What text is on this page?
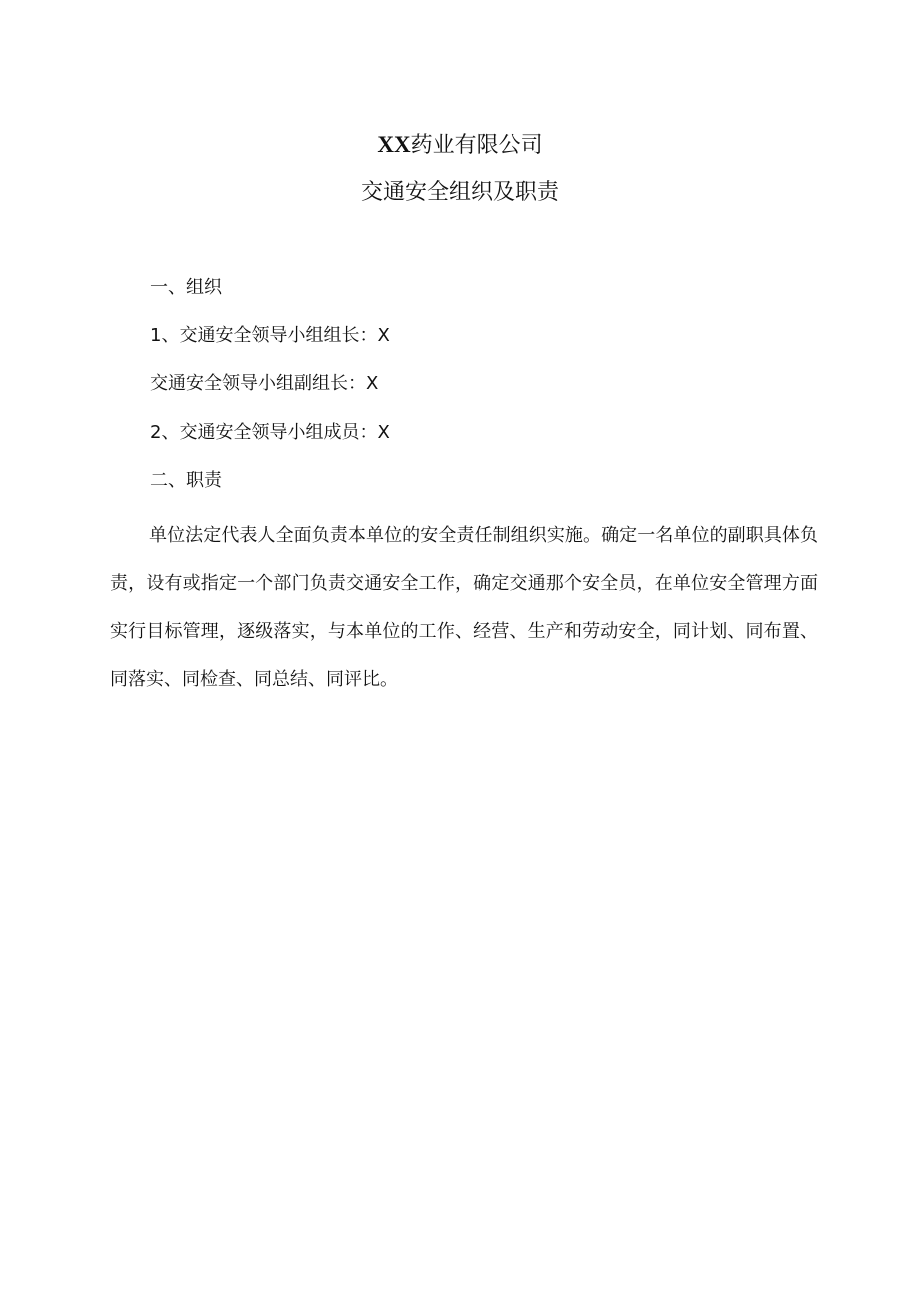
XX药业有限公司
交通安全组织及职责
一、组织
1、交通安全领导小组组长：X
交通安全领导小组副组长：X
2、交通安全领导小组成员：X
二、职责

单位法定代表人全面负责本单位的安全责任制组织实施。确定一名单位的副职具体负责，设有或指定一个部门负责交通安全工作，确定交通那个安全员，在单位安全管理方面实行目标管理，逐级落实，与本单位的工作、经营、生产和劳动安全，同计划、同布置、同落实、同检查、同总结、同评比。
